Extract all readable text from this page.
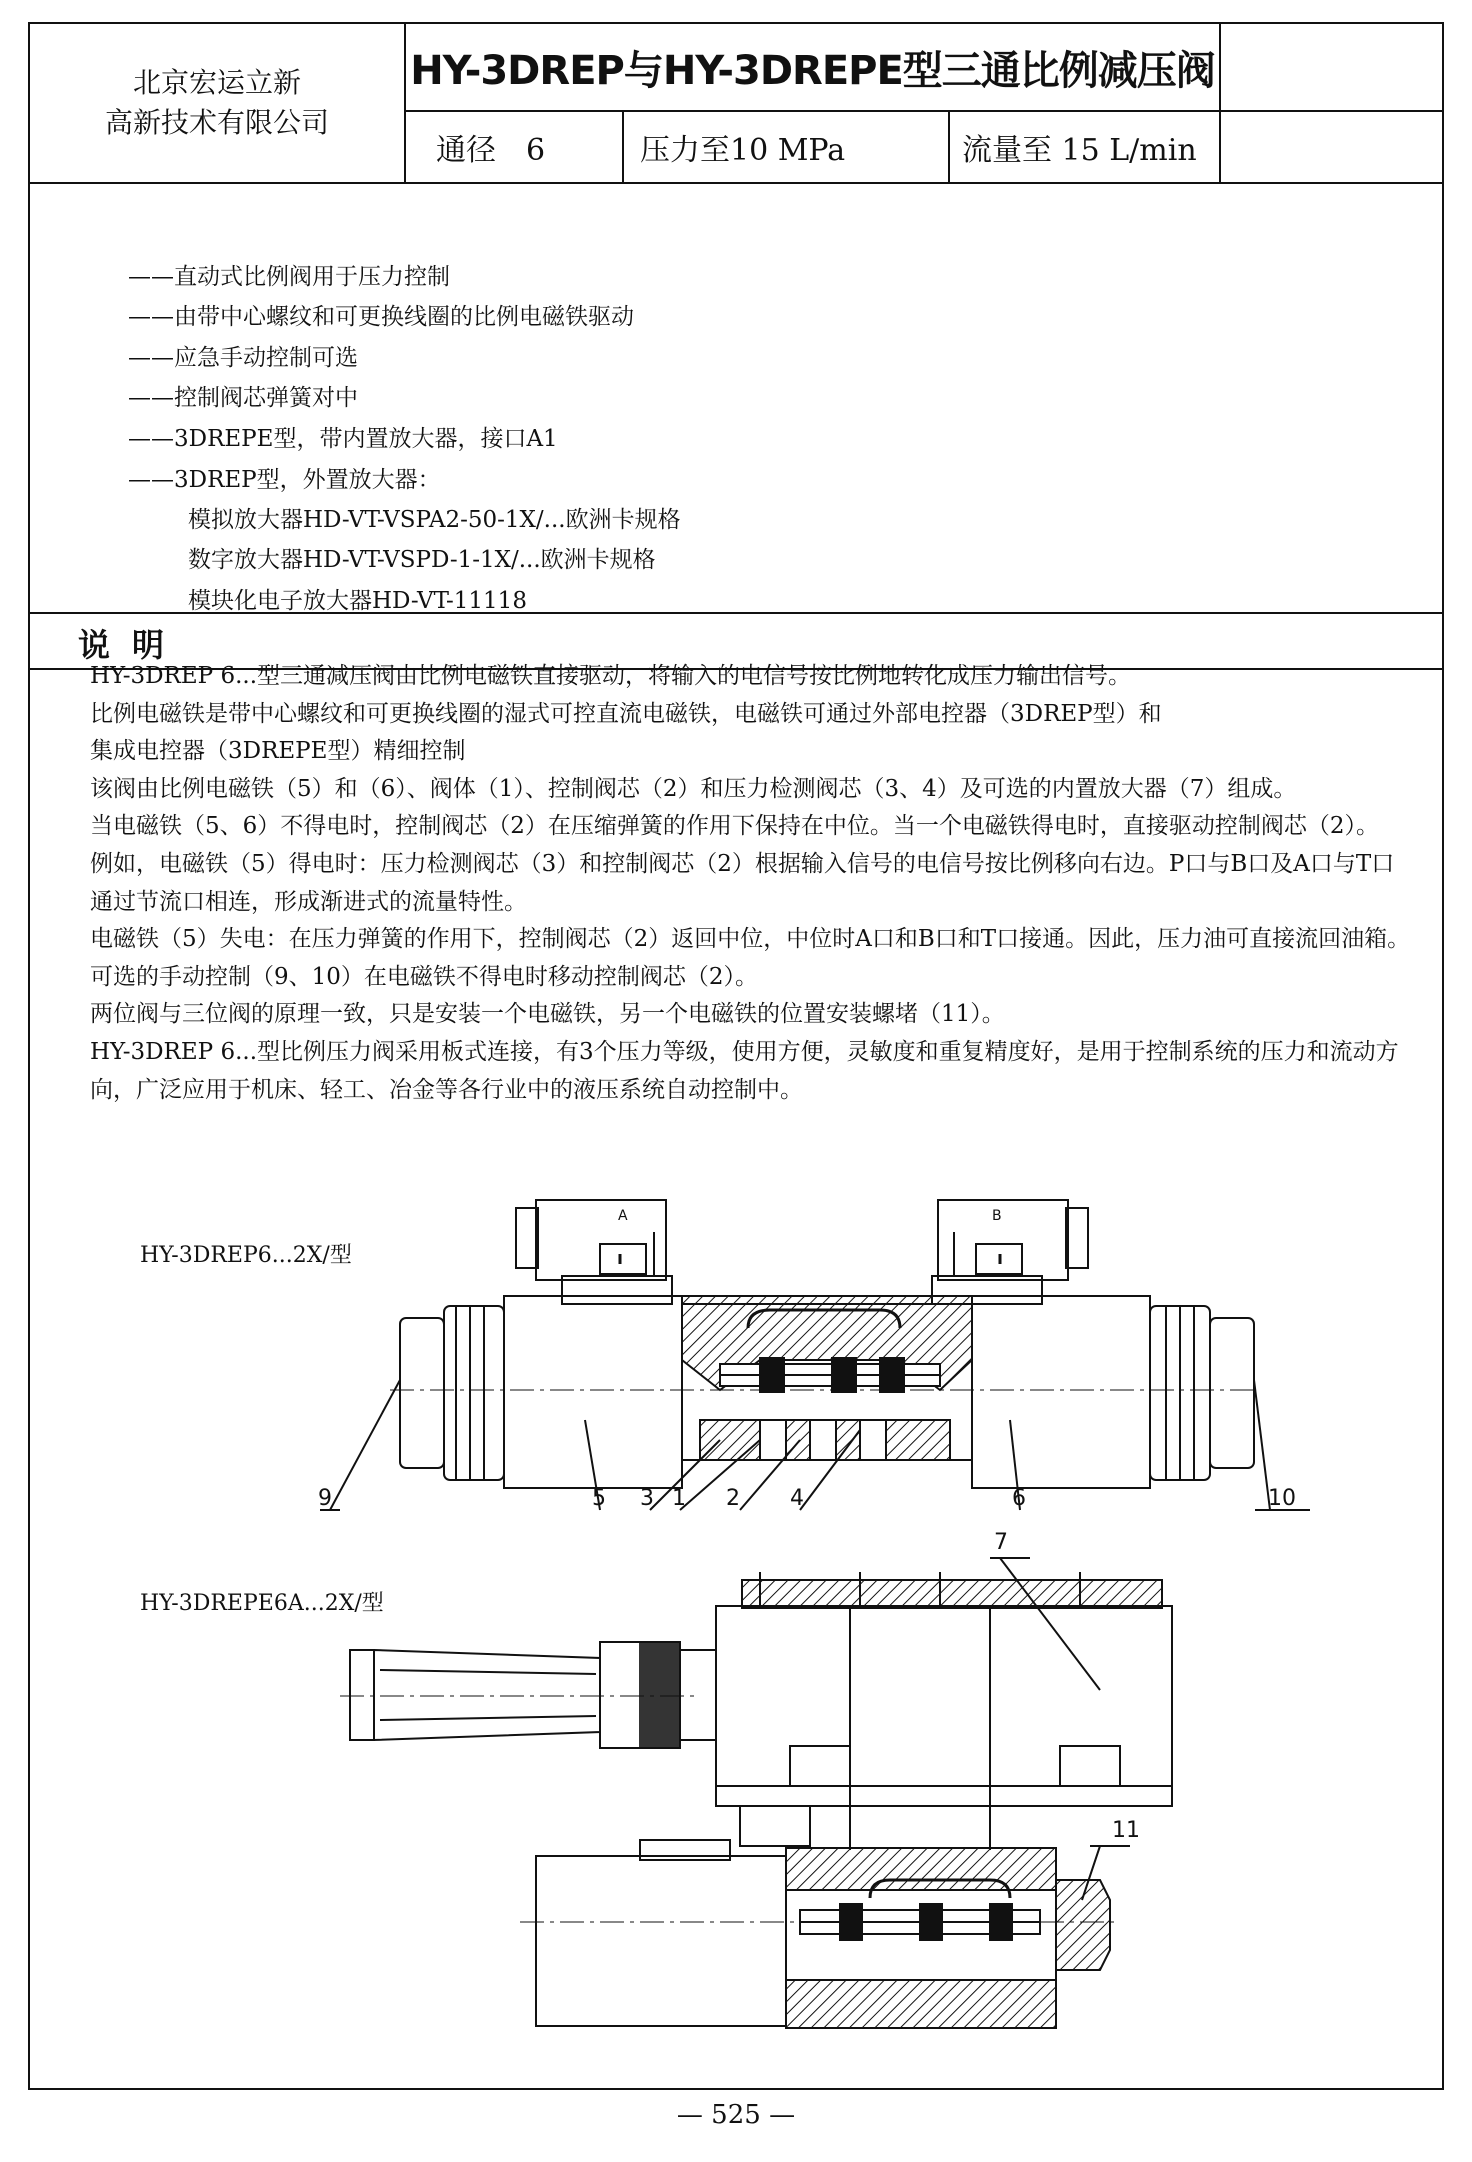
北京宏运立新
高新技术有限公司
HY-3DREP与HY-3DREPE型三通比例减压阀
通径　6	压力至10 MPa	流量至 15 L/min
——直动式比例阀用于压力控制
——由带中心螺纹和可更换线圈的比例电磁铁驱动
——应急手动控制可选
——控制阀芯弹簧对中
——3DREPE型，带内置放大器，接口A1
——3DREP型，外置放大器：
模拟放大器HD-VT-VSPA2-50-1X/...欧洲卡规格
数字放大器HD-VT-VSPD-1-1X/...欧洲卡规格
模块化电子放大器HD-VT-11118
说明

HY-3DREP 6...型三通减压阀由比例电磁铁直接驱动，将输入的电信号按比例地转化成压力输出信号。

比例电磁铁是带中心螺纹和可更换线圈的湿式可控直流电磁铁，电磁铁可通过外部电控器（3DREP型）和

集成电控器（3DREPE型）精细控制

该阀由比例电磁铁（5）和（6）、阀体（1）、控制阀芯（2）和压力检测阀芯（3、4）及可选的内置放大器（7）组成。

当电磁铁（5、6）不得电时，控制阀芯（2）在压缩弹簧的作用下保持在中位。当一个电磁铁得电时，直接驱动控制阀芯（2）。

例如，电磁铁（5）得电时：压力检测阀芯（3）和控制阀芯（2）根据输入信号的电信号按比例移向右边。P口与B口及A口与T口

通过节流口相连，形成渐进式的流量特性。

电磁铁（5）失电：在压力弹簧的作用下，控制阀芯（2）返回中位，中位时A口和B口和T口接通。因此，压力油可直接流回油箱。

可选的手动控制（9、10）在电磁铁不得电时移动控制阀芯（2）。

两位阀与三位阀的原理一致，只是安装一个电磁铁，另一个电磁铁的位置安装螺堵（11）。

HY-3DREP 6...型比例压力阀采用板式连接，有3个压力等级，使用方便，灵敏度和重复精度好，是用于控制系统的压力和流动方

向，广泛应用于机床、轻工、冶金等各行业中的液压系统自动控制中。

HY-3DREP6...2X/型
A	B
9	5 3 1 2 4	6	10
HY-3DREPE6A...2X/型
7
11
— 525 —
